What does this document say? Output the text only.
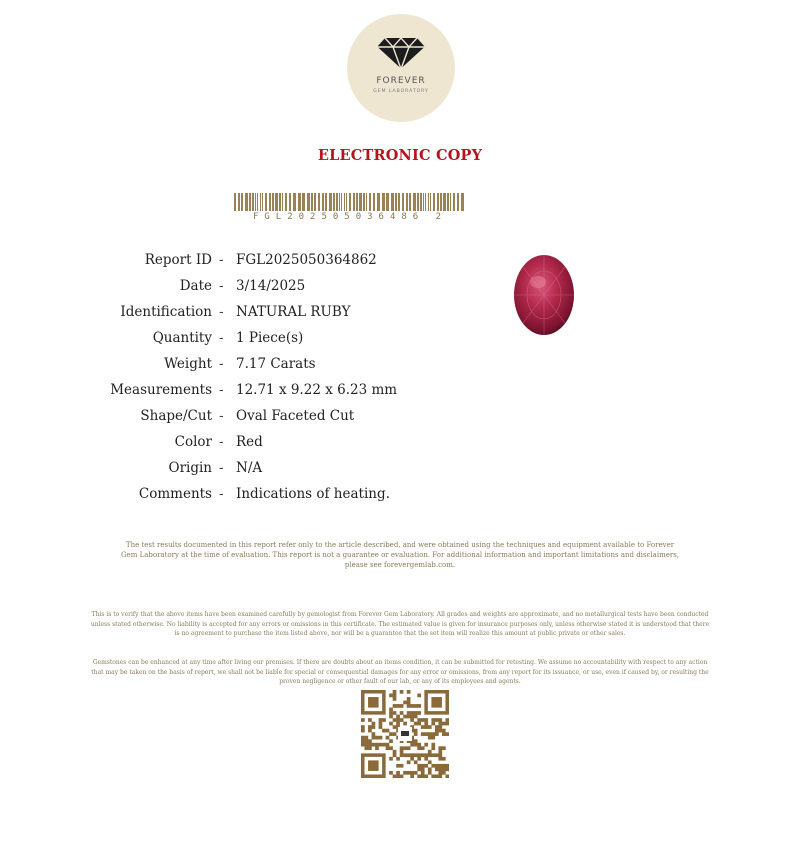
FOREVER
GEM LABORATORY
ELECTRONIC COPY
FGL202505036486 2
Report ID - FGL2025050364862
Date - 3/14/2025
Identification - NATURAL RUBY
Quantity - 1 Piece(s)
Weight - 7.17 Carats
Measurements - 12.71 x 9.22 x 6.23 mm
Shape/Cut - Oval Faceted Cut
Color - Red
Origin - N/A
Comments - Indications of heating.
The test results documented in this report refer only to the article described, and were obtained using the techniques and equipment available to Forever Gem Laboratory at the time of evaluation. This report is not a guarantee or evaluation. For additional information and important limitations and disclaimers, please see forevergemlab.com.
This is to verify that the above items have been examined carefully by gemologist from Forever Gem Laboratory. All grades and weights are approximate, and no metallurgical tests have been conducted unless stated otherwise. No liability is accepted for any errors or omissions in this certificate. The estimated value is given for insurance purposes only, unless otherwise stated it is understood that there is no agreement to purchase the item listed above, nor will be a guarantee that the set item will realize this amount at public private or other sales.
Gemstones can be enhanced at any time after living our premises. If there are doubts about an items condition, it can be submitted for retesting. We assume no accountability with respect to any action that may be taken on the basis of report, we shall not be liable for special or consequential damages for any error or omissions, from any report for its issuance, or use, even if caused by, or resulting the proven negligence or other fault of our lab, or any of its employees and agents.
